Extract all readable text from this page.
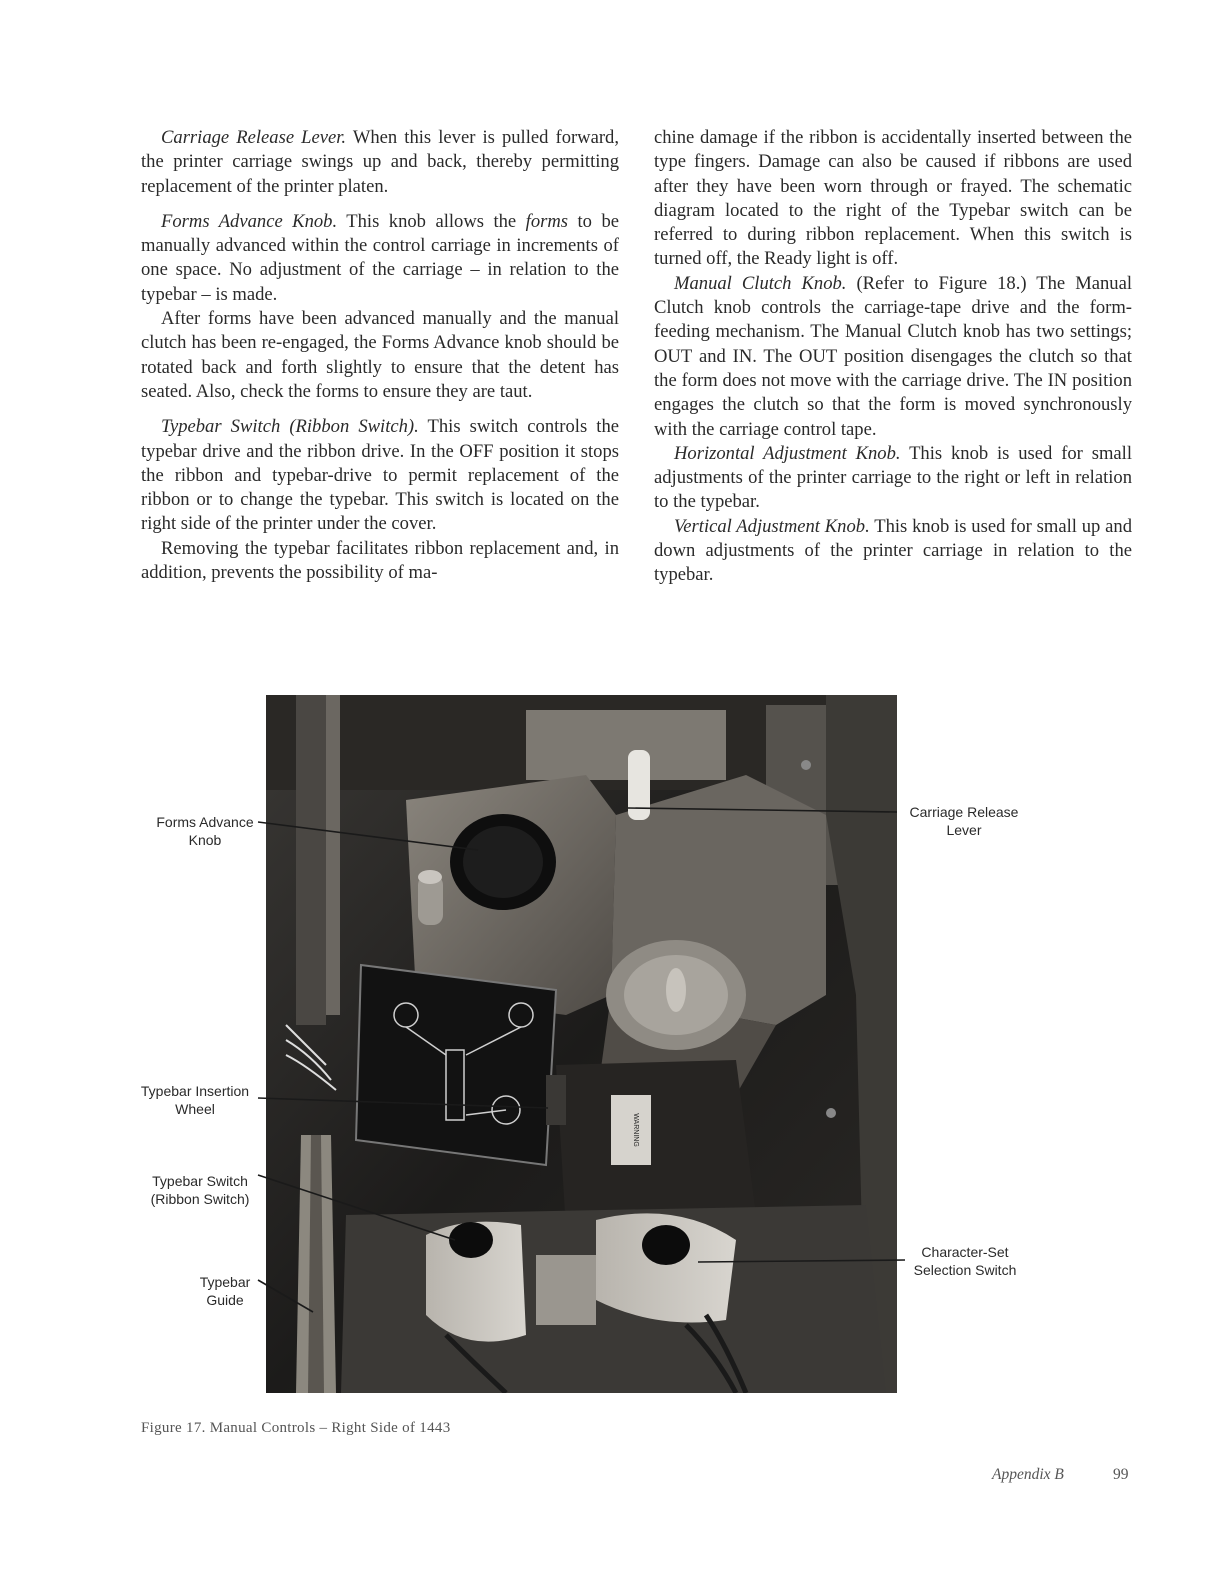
Carriage Release Lever. When this lever is pulled forward, the printer carriage swings up and back, thereby permitting replacement of the printer platen.

Forms Advance Knob. This knob allows the forms to be manually advanced within the control carriage in increments of one space. No adjustment of the carriage – in relation to the typebar – is made.

After forms have been advanced manually and the manual clutch has been re-engaged, the Forms Advance knob should be rotated back and forth slightly to ensure that the detent has seated. Also, check the forms to ensure they are taut.

Typebar Switch (Ribbon Switch). This switch controls the typebar drive and the ribbon drive. In the OFF position it stops the ribbon and typebar-drive to permit replacement of the ribbon or to change the typebar. This switch is located on the right side of the printer under the cover.

Removing the typebar facilitates ribbon replacement and, in addition, prevents the possibility of ma-

chine damage if the ribbon is accidentally inserted between the type fingers. Damage can also be caused if ribbons are used after they have been worn through or frayed. The schematic diagram located to the right of the Typebar switch can be referred to during ribbon replacement. When this switch is turned off, the Ready light is off.

Manual Clutch Knob. (Refer to Figure 18.) The Manual Clutch knob controls the carriage-tape drive and the form-feeding mechanism. The Manual Clutch knob has two settings; OUT and IN. The OUT position disengages the clutch so that the form does not move with the carriage drive. The IN position engages the clutch so that the form is moved synchronously with the carriage control tape.

Horizontal Adjustment Knob. This knob is used for small adjustments of the printer carriage to the right or left in relation to the typebar.

Vertical Adjustment Knob. This knob is used for small up and down adjustments of the printer carriage in relation to the typebar.

WARNING
Forms Advance
Knob
Typebar Insertion
Wheel
Typebar Switch
(Ribbon Switch)
Typebar
Guide
Carriage Release
Lever
Character-Set
Selection Switch
Figure 17. Manual Controls – Right Side of 1443
Appendix B	99
